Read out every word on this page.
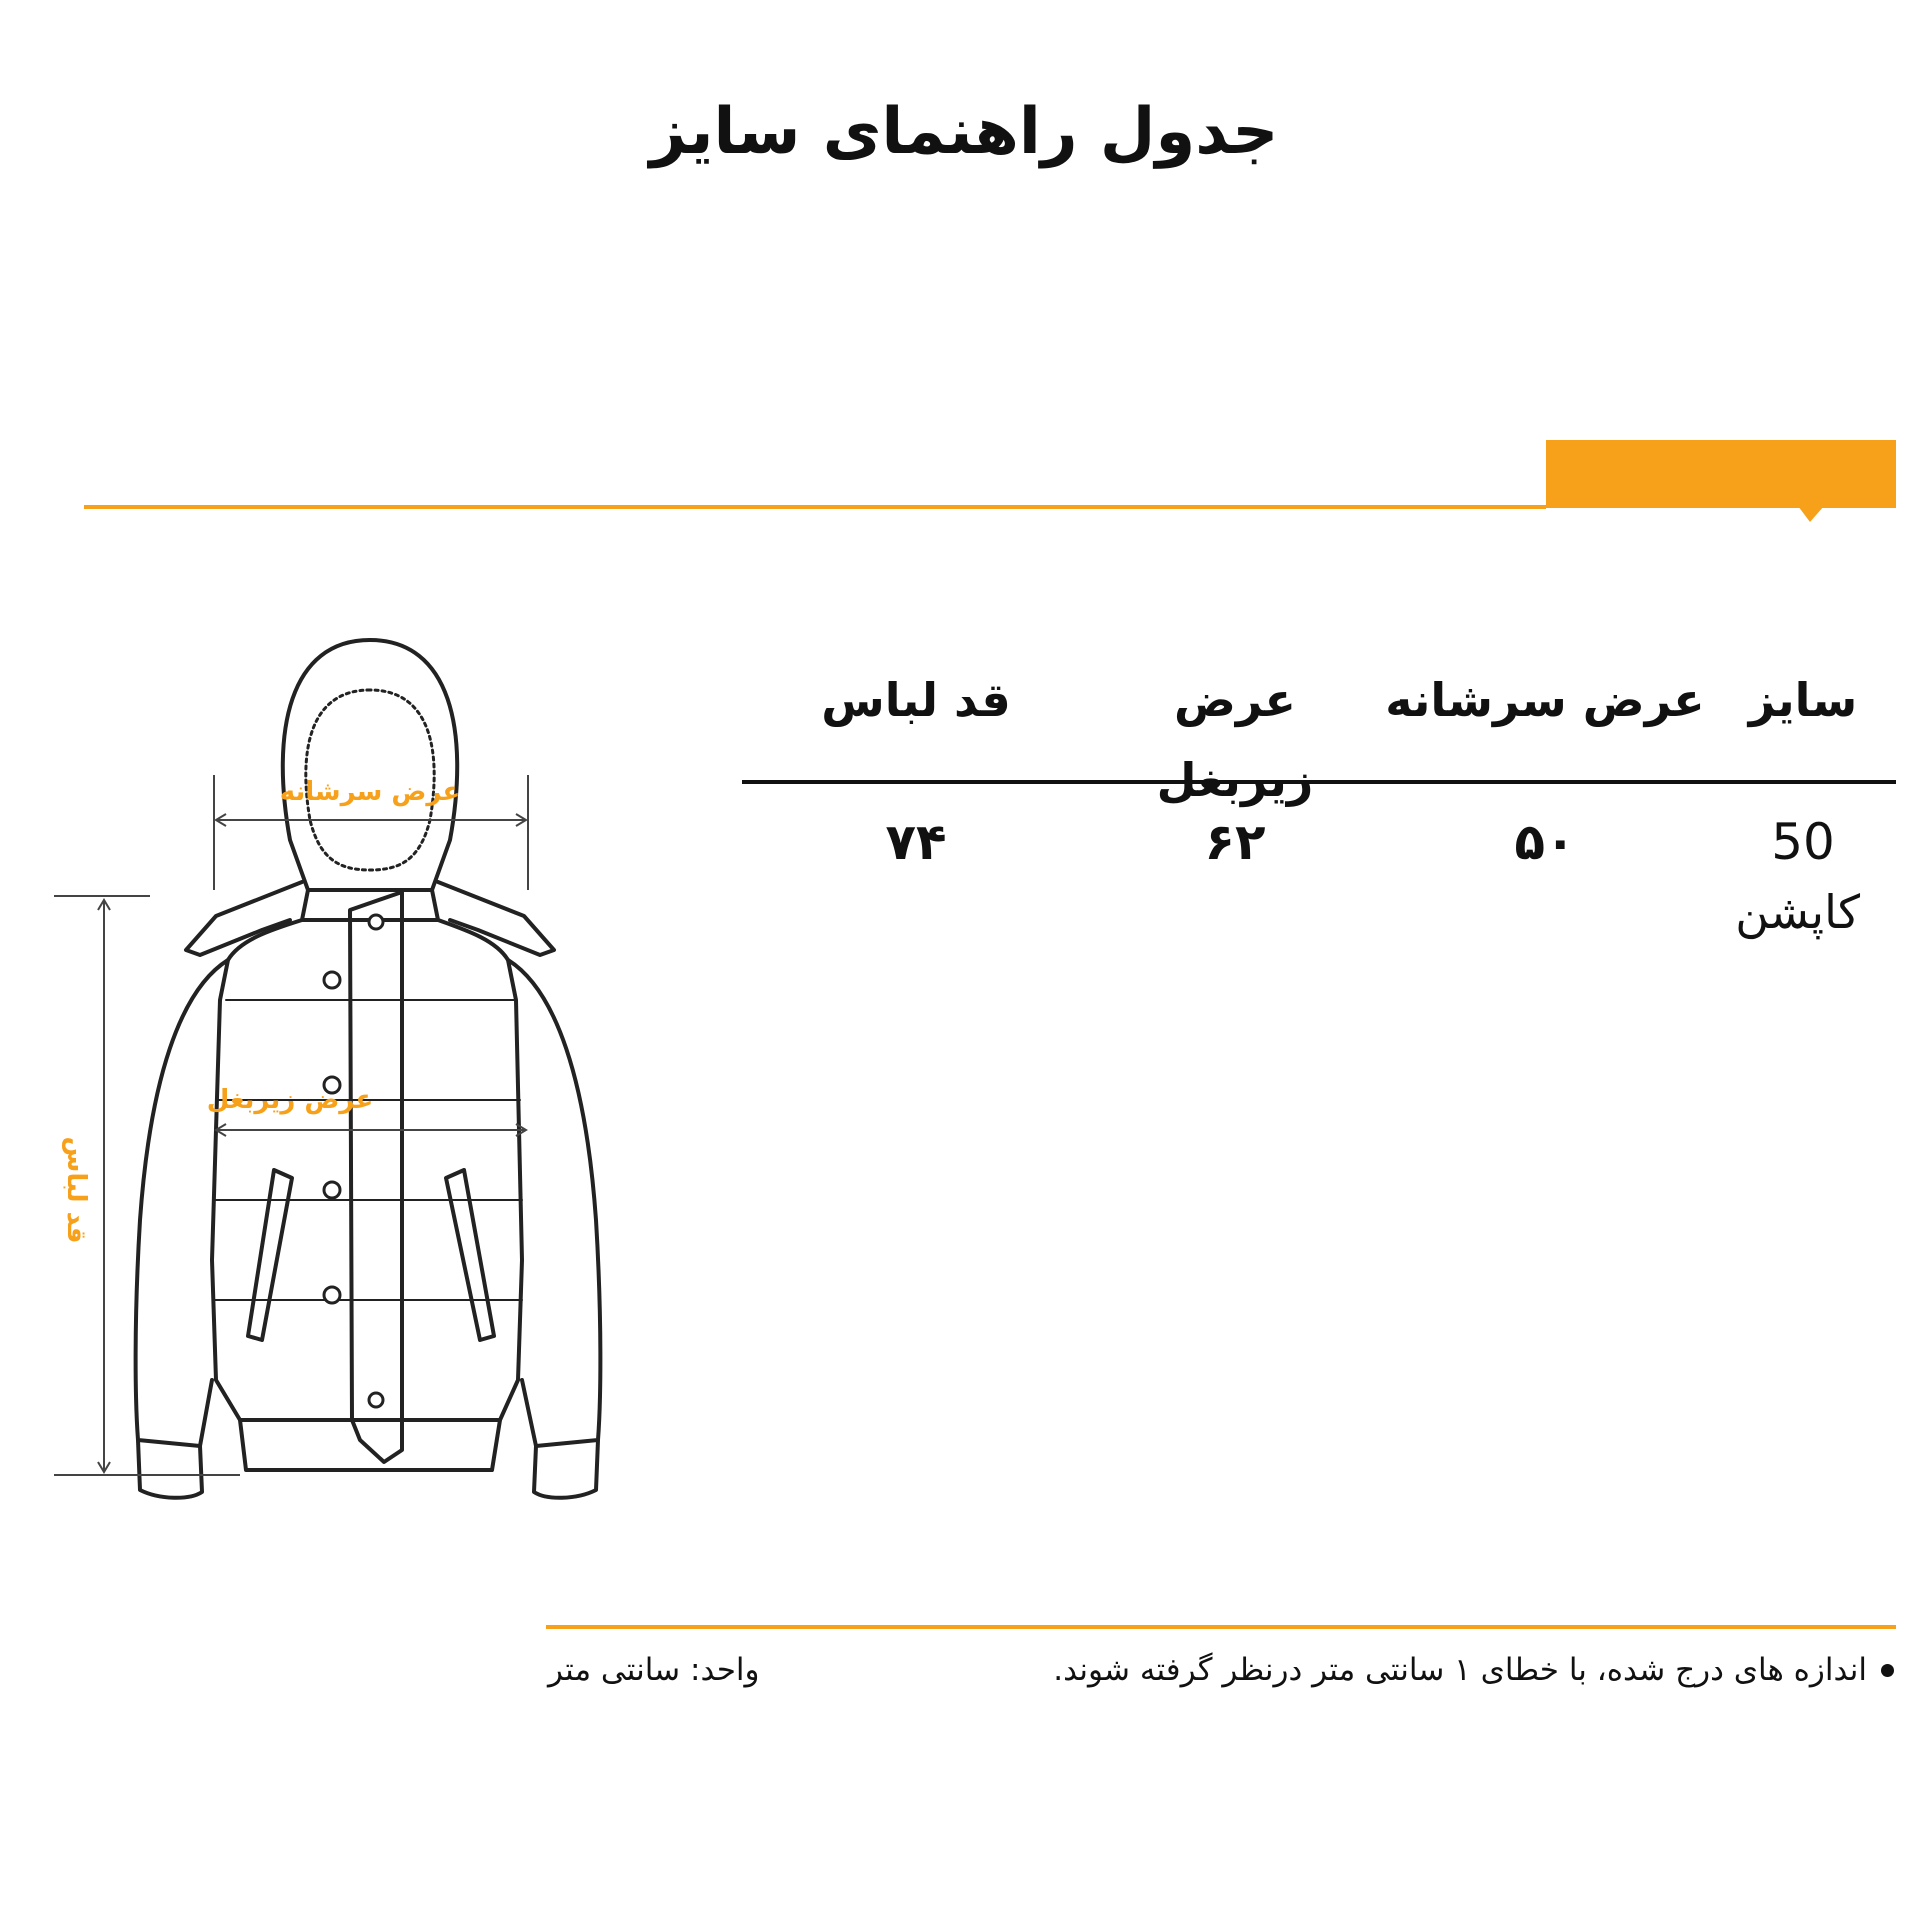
جدول راهنمای سایز
کاپشن
عرض سرشانه
عرض زیربغل
قد لباس
سایز
عرض سرشانه
عرض زیربغل
قد لباس
50
۵۰
۶۲
۷۴
اندازه های درج شده، با خطای ۱ سانتی متر درنظر گرفته شوند.
واحد: سانتی متر
